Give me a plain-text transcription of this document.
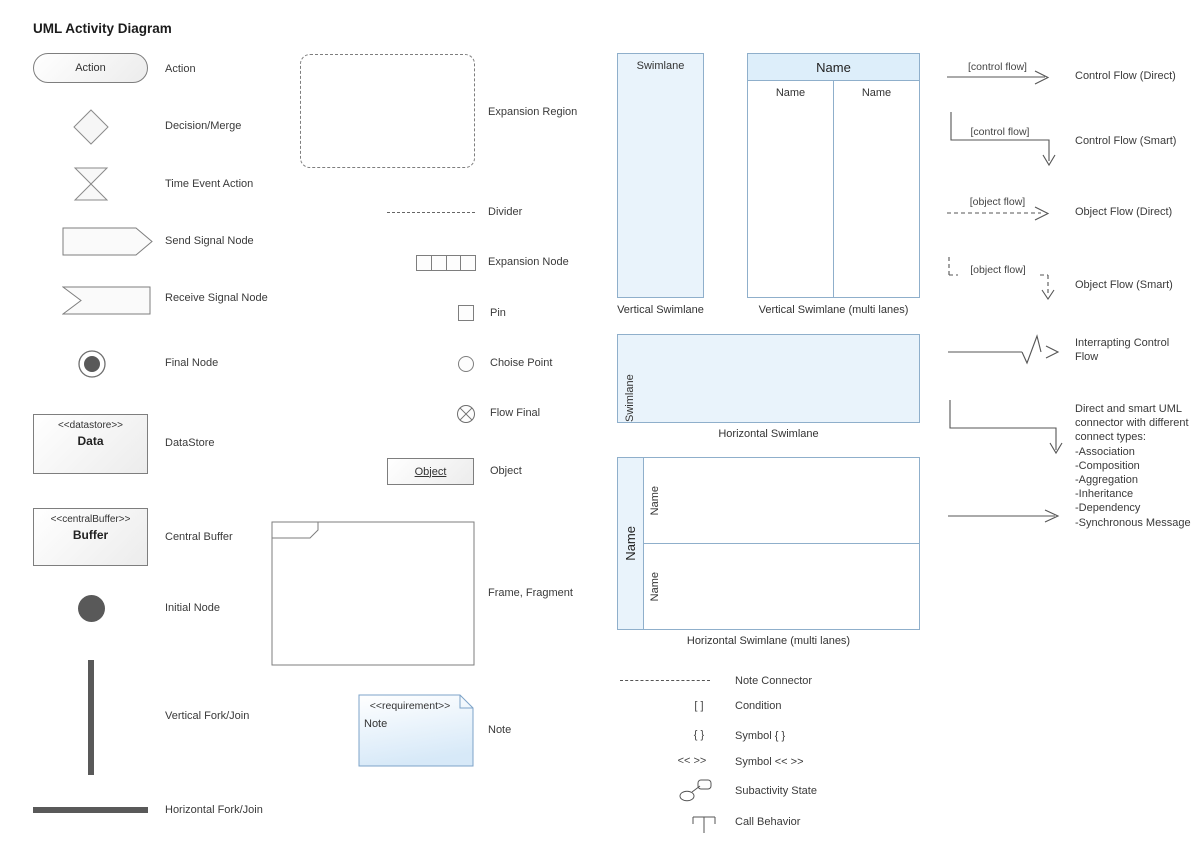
UML Activity Diagram
Action	Action
Decision/Merge
Time Event Action
Send Signal Node
Receive Signal Node
Final Node
<<datastore>>
Data	DataStore
<<centralBuffer>>
Buffer	Central Buffer
Initial Node
Vertical Fork/Join
Horizontal Fork/Join
Expansion Region
Divider
Expansion Node
Pin
Choise Point
Flow Final
Object	Object
Frame, Fragment
<<requirement>>
Note	Note
Swimlane
Vertical Swimlane
Name
Name	Name
Vertical Swimlane (multi lanes)
Swimlane
Horizontal Swimlane
Name
Name
Name
Horizontal Swimlane (multi lanes)
Note Connector
[ ]	Condition
{ }	Symbol { }
<< >>	Symbol << >>
Subactivity State
Call Behavior
[control flow]
Control Flow (Direct)
[control flow]
Control Flow (Smart)
[object flow]
Object Flow (Direct)
[object flow]
Object Flow (Smart)
Interrapting Control Flow
Direct and smart UML connector with different connect types:
-Association
-Composition
-Aggregation
-Inheritance
-Dependency
-Synchronous Message
